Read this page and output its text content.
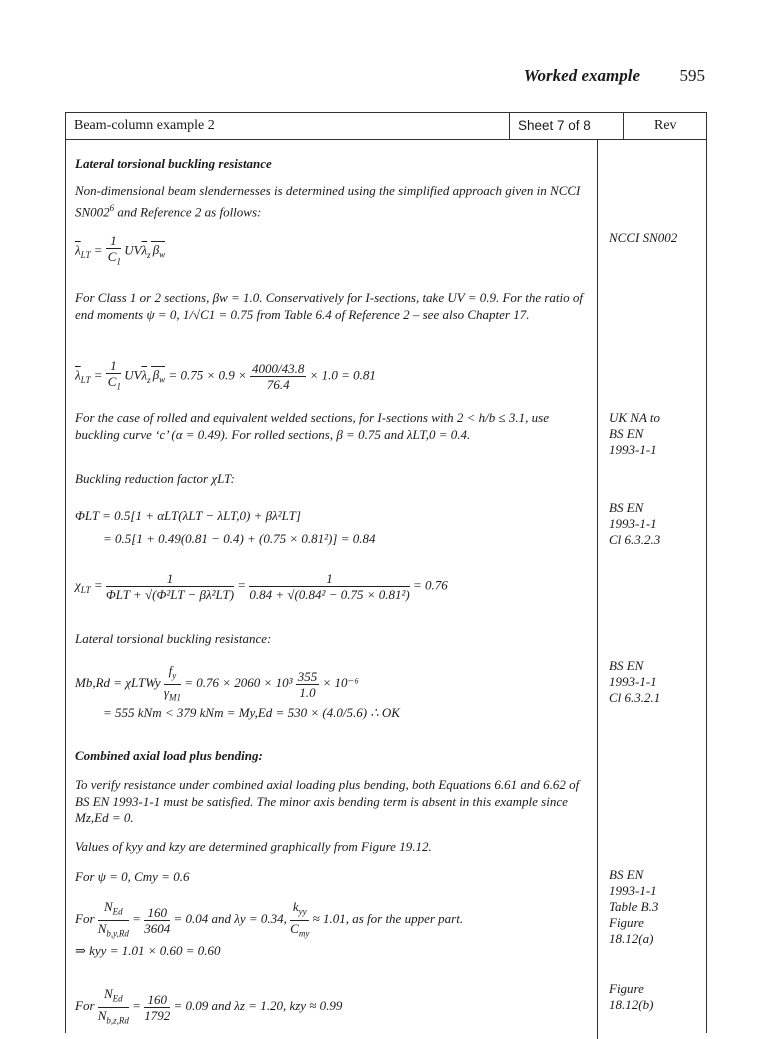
Worked example 595
Beam-column example 2	Sheet 7 of 8	Rev
Lateral torsional buckling resistance
Non-dimensional beam slendernesses is determined using the simplified approach given in NCCI $SN002^6$ and Reference 2 as follows:
$\overline{\lambda}_{LT} = \frac{1}{C_1} UV\overline{\lambda}_z$ $\beta_w$

For Class 1 or 2 sections, βw = 1.0. Conservatively for I-sections, take UV = 0.9. For the ratio of end moments ψ = 0, 1/√C1 = 0.75 from Table 6.4 of Reference 2 – see also Chapter 17.

$\overline{\lambda}_{LT} = \frac{1}{C_1} UV\overline{\lambda}_z$ $\beta_w = 0.75 \times 0.9 \times \frac{4000/43.8}{76.4} \times 1.0 = 0.81$

For the case of rolled and equivalent welded sections, for I-sections with 2 < h/b ≤ 3.1, use buckling curve ‘c’ (α = 0.49). For rolled sections, β = 0.75 and λLT,0 = 0.4.

Buckling reduction factor χLT:

ΦLT = 0.5[1 + αLT(λLT − λLT,0) + βλ²LT]
= 0.5[1 + 0.49(0.81 − 0.4) + (0.75 × 0.81²)] = 0.84
$\chi_{LT} = \frac{1}{\text{ΦLT + √(Φ²LT − βλ²LT)}} = \frac{1}{\text{0.84 + √(0.84² − 0.75 × 0.81²)}} = 0.76$

Lateral torsional buckling resistance:

Mb,Rd = χLTWy $\frac{f_y}{\gamma_{M1}} = 0.76 \times 2060 \times 10^3 \frac{355}{1.0} \times 10^{-6}$
= 555 kNm < 379 kNm = My,Ed = 530 × (4.0/5.6) ∴ OK
Combined axial load plus bending:

To verify resistance under combined axial loading plus bending, both Equations 6.61 and 6.62 of BS EN 1993-1-1 must be satisfied. The minor axis bending term is absent in this example since Mz,Ed = 0.

Values of kyy and kzy are determined graphically from Figure 19.12.

For ψ = 0, Cmy = 0.6

For $\frac{N_{Ed}}{N_{b,y,Rd}} = \frac{160}{3604} = 0.04$ and λy = 0.34, $\frac{k_{yy}}{C_{my}} \approx 1.01$, as for the upper part.

⇒ kyy = 1.01 × 0.60 = 0.60

For $\frac{N_{Ed}}{N_{b,z,Rd}} = \frac{160}{1792} = 0.09$ and λz = 1.20, kzy ≈ 0.99
NCCI SN002
UK NA to
BS EN
1993-1-1
BS EN
1993-1-1
Cl 6.3.2.3
BS EN
1993-1-1
Cl 6.3.2.1
BS EN
1993-1-1
Table B.3
Figure
18.12(a)
Figure
18.12(b)
